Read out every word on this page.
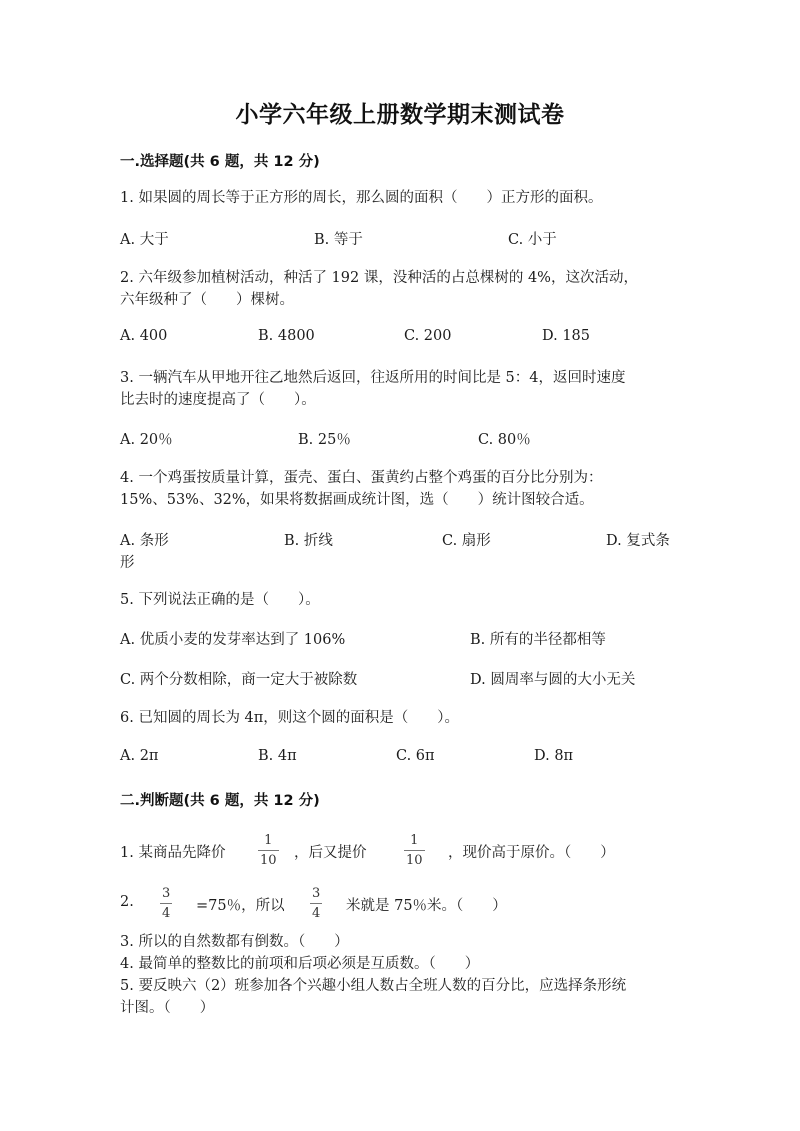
小学六年级上册数学期末测试卷
一.选择题(共 6 题，共 12 分)
1. 如果圆的周长等于正方形的周长，那么圆的面积（　　）正方形的面积。
A. 大于	B. 等于	C. 小于
2. 六年级参加植树活动，种活了 192 课，没种活的占总棵树的 4%，这次活动，
六年级种了（　　）棵树。
A. 400	B. 4800	C. 200	D. 185
3. 一辆汽车从甲地开往乙地然后返回，往返所用的时间比是 5：4，返回时速度
比去时的速度提高了（　　）。
A. 20％	B. 25％	C. 80％
4. 一个鸡蛋按质量计算，蛋壳、蛋白、蛋黄约占整个鸡蛋的百分比分别为：
15%、53%、32%，如果将数据画成统计图，选（　　）统计图较合适。
A. 条形	B. 折线	C. 扇形	D. 复式条
形
5. 下列说法正确的是（　　）。
A. 优质小麦的发芽率达到了 106%	B. 所有的半径都相等
C. 两个分数相除，商一定大于被除数	D. 圆周率与圆的大小无关
6. 已知圆的周长为 4π，则这个圆的面积是（　　）。
A. 2π	B. 4π	C. 6π	D. 8π
二.判断题(共 6 题，共 12 分)
1. 某商品先降价
1
10 ，后又提价
1
10 ，现价高于原价。（　　）
2.
3
4 =75％，所以
3
4 米就是 75％米。（　　）
3. 所以的自然数都有倒数。（　　）
4. 最简单的整数比的前项和后项必须是互质数。（　　）
5. 要反映六（2）班参加各个兴趣小组人数占全班人数的百分比，应选择条形统
计图。（　　）
